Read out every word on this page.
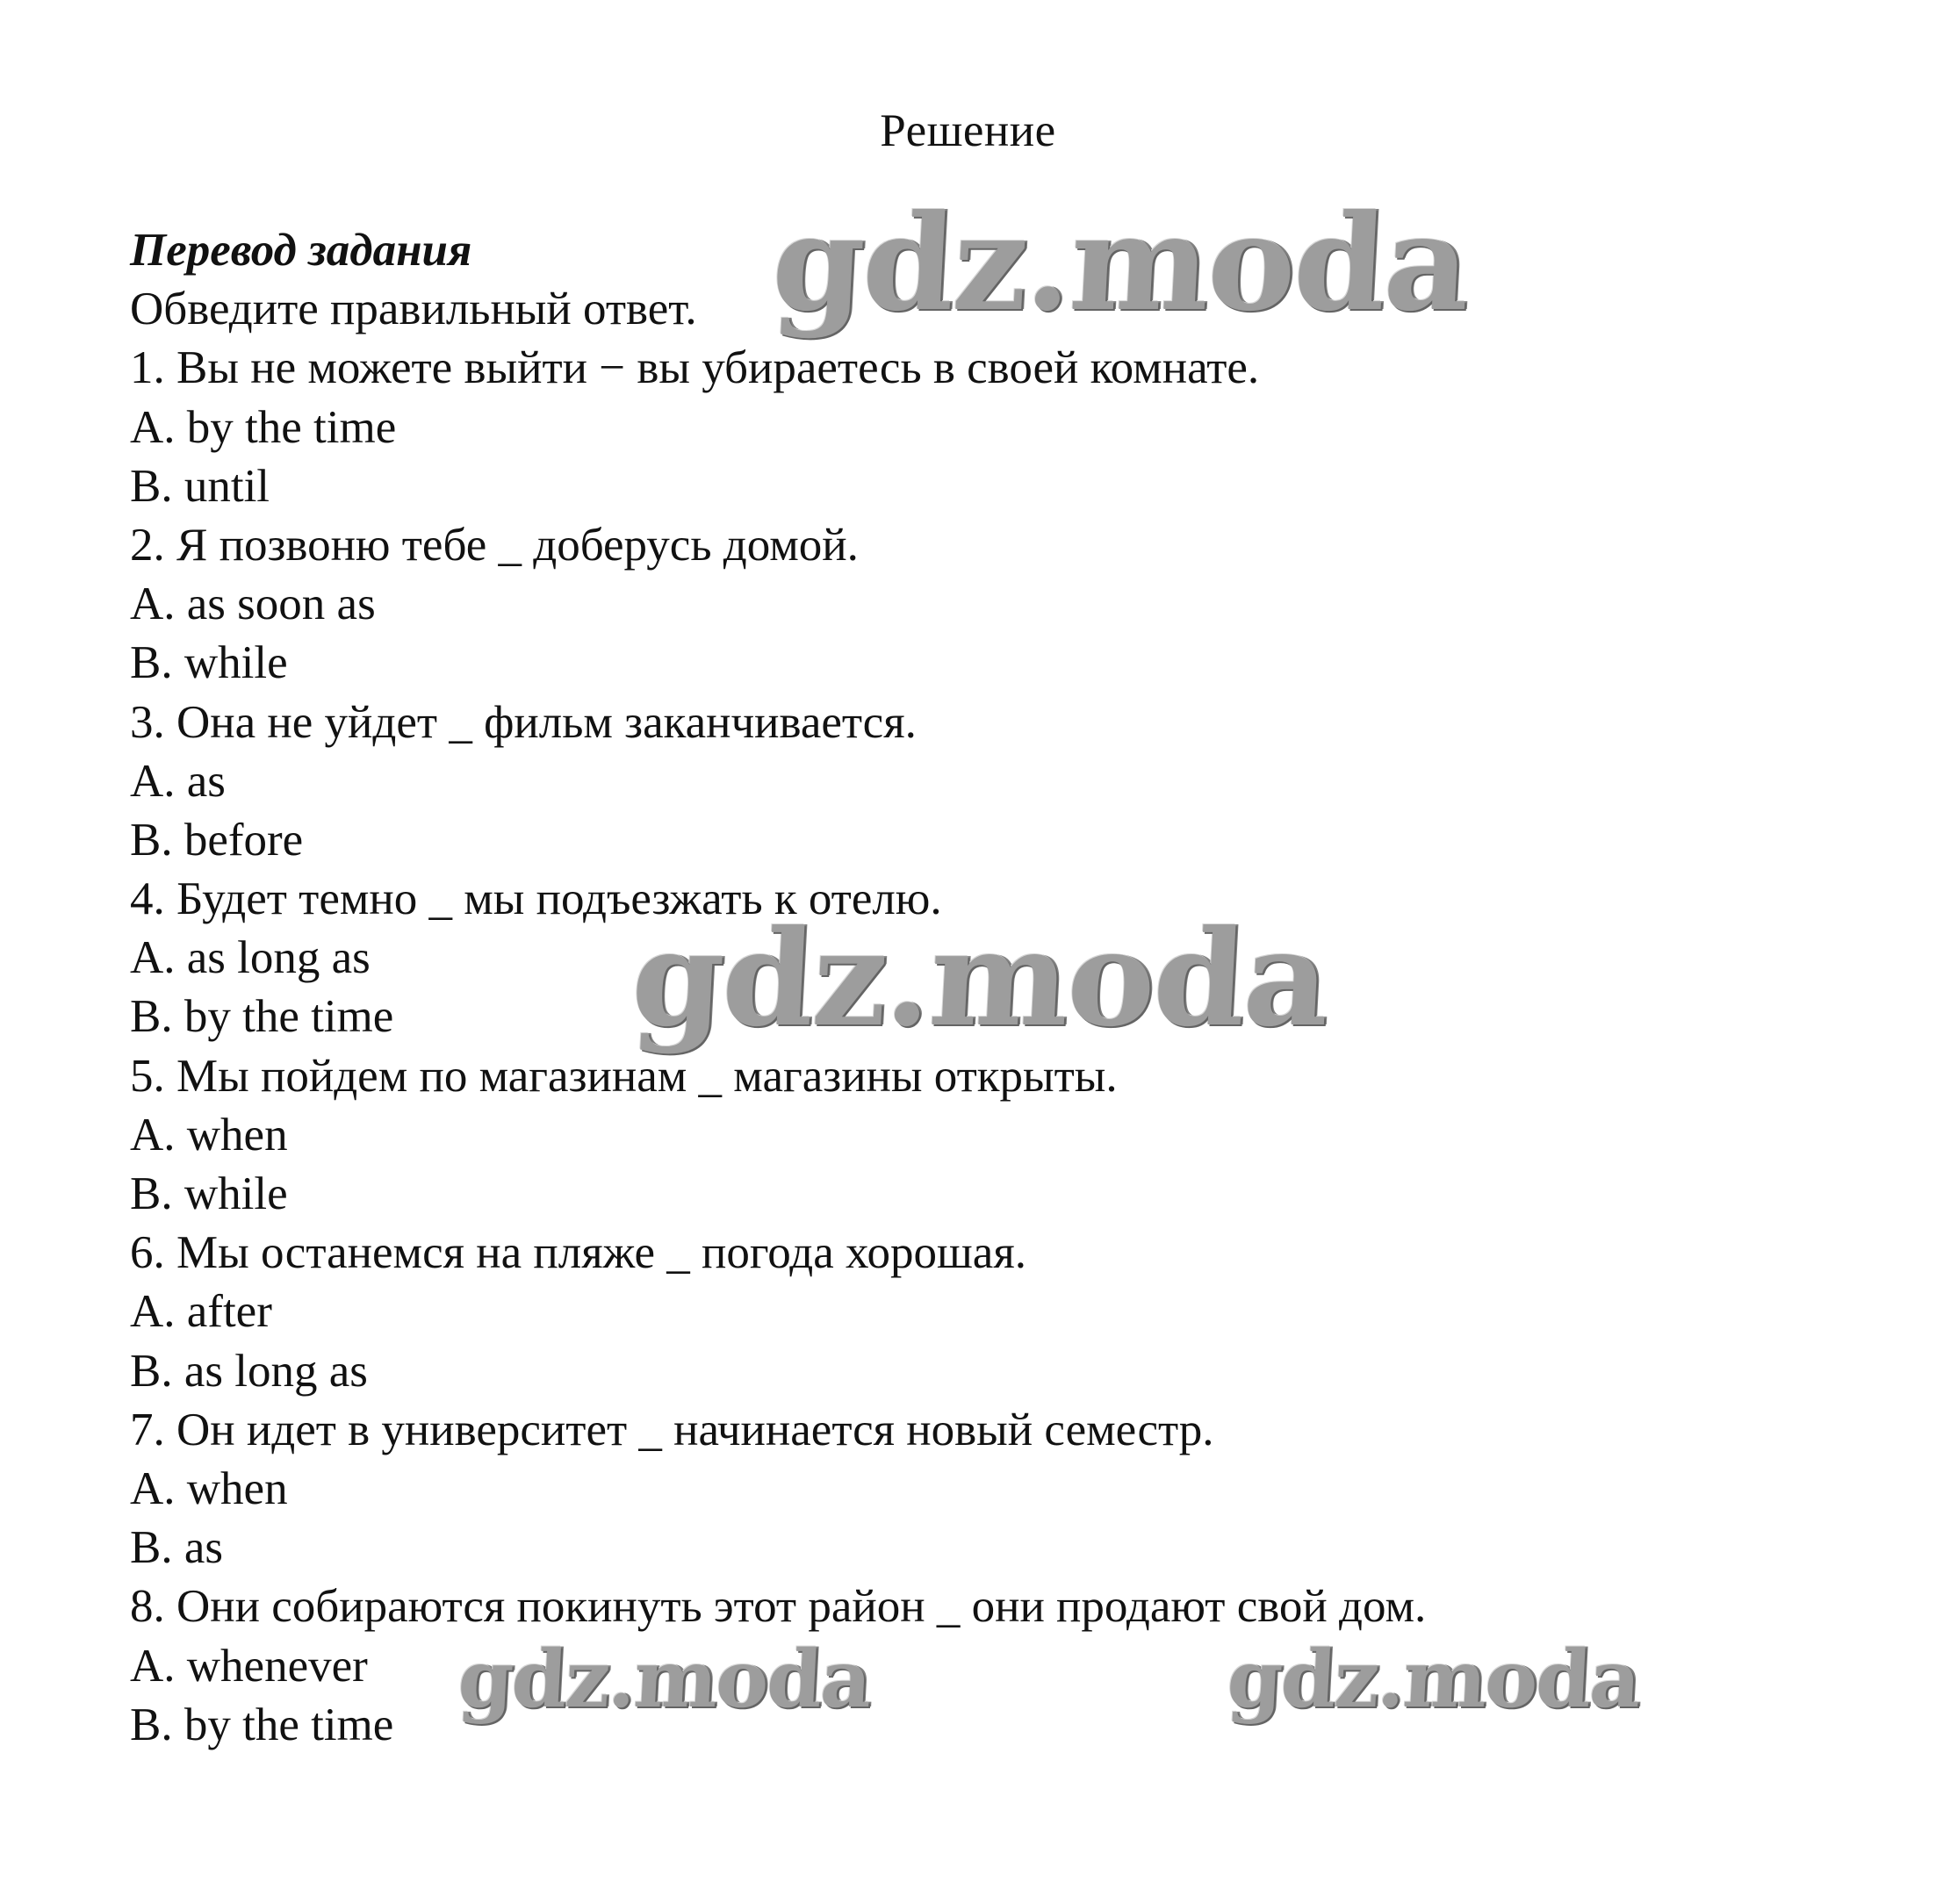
Решение
Перевод задания
Обведите правильный ответ.
1. Вы не можете выйти − вы убираетесь в своей комнате.
A. by the time
B. until
2. Я позвоню тебе _ доберусь домой.
A. as soon as
B. while
3. Она не уйдет _ фильм заканчивается.
A. as
B. before
4. Будет темно _ мы подъезжать к отелю.
A. as long as
B. by the time
5. Мы пойдем по магазинам _ магазины открыты.
A. when
B. while
6. Мы останемся на пляже _ погода хорошая.
A. after
B. as long as
7. Он идет в университет _ начинается новый семестр.
A. when
B. as
8. Они собираются покинуть этот район _ они продают свой дом.
A. whenever
B. by the time
gdz.moda
gdz.moda
gdz.moda	gdz.moda
